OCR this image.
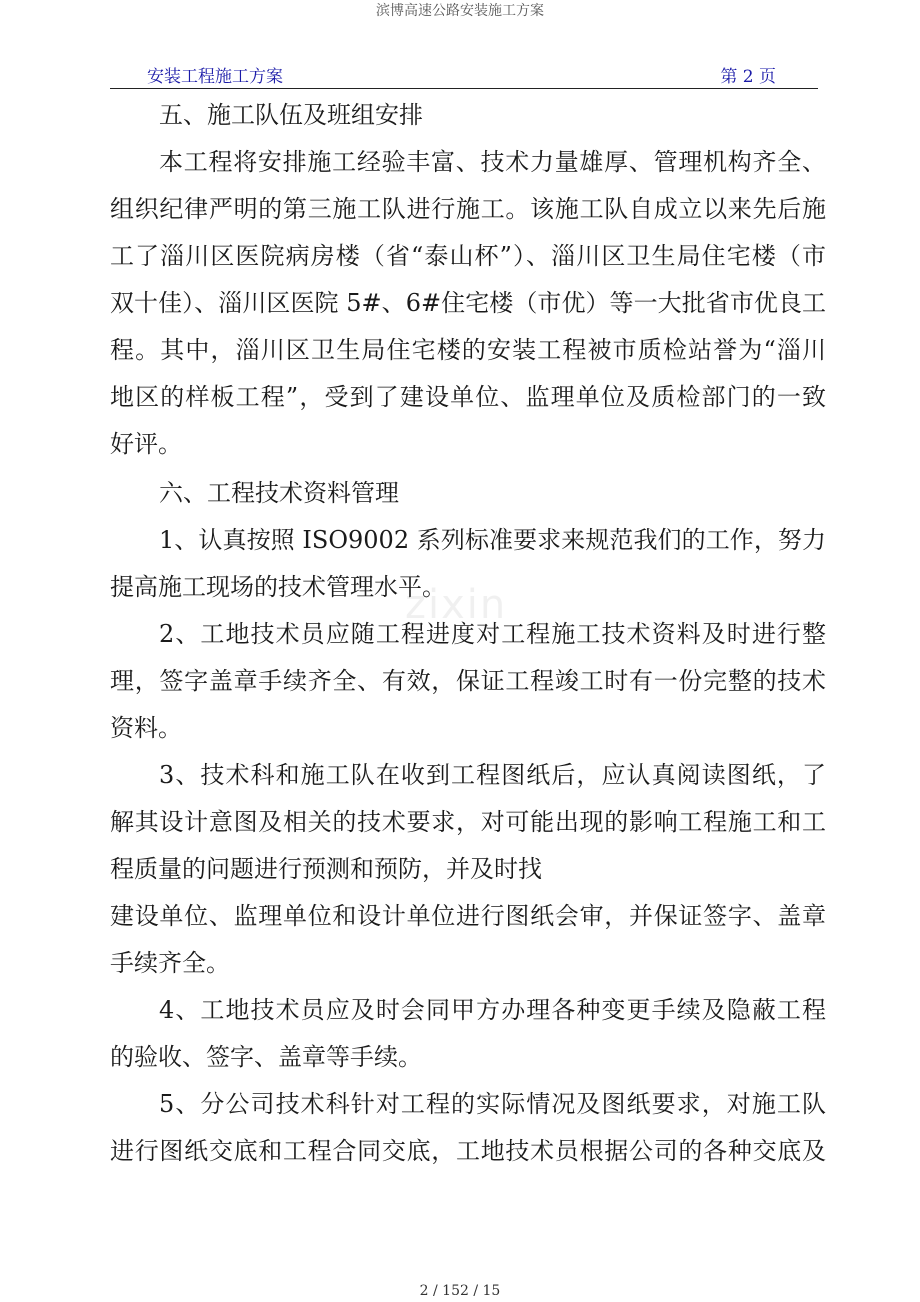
滨博高速公路安装施工方案
安装工程施工方案	第 2 页
zixin
五、施工队伍及班组安排
本工程将安排施工经验丰富、技术力量雄厚、管理机构齐全、
组织纪律严明的第三施工队进行施工。该施工队自成立以来先后施
工了淄川区医院病房楼（省“泰山杯”）、淄川区卫生局住宅楼（市
双十佳）、淄川区医院 5#、6#住宅楼（市优）等一大批省市优良工
程。其中，淄川区卫生局住宅楼的安装工程被市质检站誉为“淄川
地区的样板工程”，受到了建设单位、监理单位及质检部门的一致
好评。
六、工程技术资料管理
1、认真按照 ISO9002 系列标准要求来规范我们的工作，努力
提高施工现场的技术管理水平。
2、工地技术员应随工程进度对工程施工技术资料及时进行整
理，签字盖章手续齐全、有效，保证工程竣工时有一份完整的技术
资料。
3、技术科和施工队在收到工程图纸后，应认真阅读图纸，了
解其设计意图及相关的技术要求，对可能出现的影响工程施工和工
程质量的问题进行预测和预防，并及时找
建设单位、监理单位和设计单位进行图纸会审，并保证签字、盖章
手续齐全。
4、工地技术员应及时会同甲方办理各种变更手续及隐蔽工程
的验收、签字、盖章等手续。
5、分公司技术科针对工程的实际情况及图纸要求，对施工队
进行图纸交底和工程合同交底，工地技术员根据公司的各种交底及
2 / 152 / 15
